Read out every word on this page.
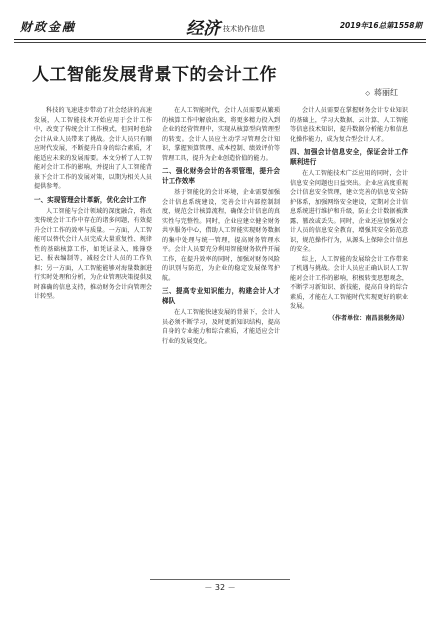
财政金融	经济 技术协作信息	2019年16总第1558期
人工智能发展背景下的会计工作
◇ 蒋丽红

科技的飞速进步带动了社会经济的高速发展，人工智能技术开始应用于会计工作中，改变了传统会计工作模式，但同时也给会计从业人员带来了挑战。会计人员只有顺应时代发展，不断提升自身的综合素质，才能适应未来的发展需要。本文分析了人工智能对会计工作的影响，并提出了人工智能背景下会计工作的发展对策，以期为相关人员提供参考。

一、实现管理会计革新，优化会计工作

人工智能与会计领域的深度融合，将改变传统会计工作中存在的诸多问题，有效提升会计工作的效率与质量。一方面，人工智能可以替代会计人员完成大量重复性、规律性的基础核算工作，如凭证录入、账簿登记、报表编制等，减轻会计人员的工作负担；另一方面，人工智能能够对海量数据进行实时处理和分析，为企业管理决策提供及时准确的信息支持，推动财务会计向管理会计转型。

在人工智能时代，会计人员需要从繁琐的核算工作中解放出来，将更多精力投入到企业的经营管理中，实现从核算型向管理型的转变。会计人员应主动学习管理会计知识，掌握预算管理、成本控制、绩效评价等管理工具，提升为企业创造价值的能力。

二、强化财务会计的各项管理，提升会计工作效率

基于智能化的会计环境，企业需要加强会计信息系统建设，完善会计内部控制制度，规范会计核算流程，确保会计信息的真实性与完整性。同时，企业应建立健全财务共享服务中心，借助人工智能实现财务数据的集中处理与统一管理，提高财务管理水平。会计人员要充分利用智能财务软件开展工作，在提升效率的同时，加强对财务风险的识别与防范，为企业的稳定发展保驾护航。

三、提高专业知识能力，构建会计人才梯队

在人工智能快速发展的背景下，会计人员必须不断学习，及时更新知识结构，提高自身的专业能力和综合素质，才能适应会计行业的发展变化。

会计人员需要在掌握财务会计专业知识的基础上，学习大数据、云计算、人工智能等信息技术知识，提升数据分析能力和信息化操作能力，成为复合型会计人才。

四、加强会计信息安全，保证会计工作顺利进行

在人工智能技术广泛应用的同时，会计信息安全问题也日益突出。企业应高度重视会计信息安全管理，建立完善的信息安全防护体系，加强网络安全建设，定期对会计信息系统进行维护和升级，防止会计数据被泄露、篡改或丢失。同时，企业还应加强对会计人员的信息安全教育，增强其安全防范意识，规范操作行为，从源头上保障会计信息的安全。

综上，人工智能的发展给会计工作带来了机遇与挑战。会计人员应正确认识人工智能对会计工作的影响，积极转变思想观念，不断学习新知识、新技能，提高自身的综合素质，才能在人工智能时代实现更好的职业发展。

（作者单位：南昌县税务局）
－ 32 －
